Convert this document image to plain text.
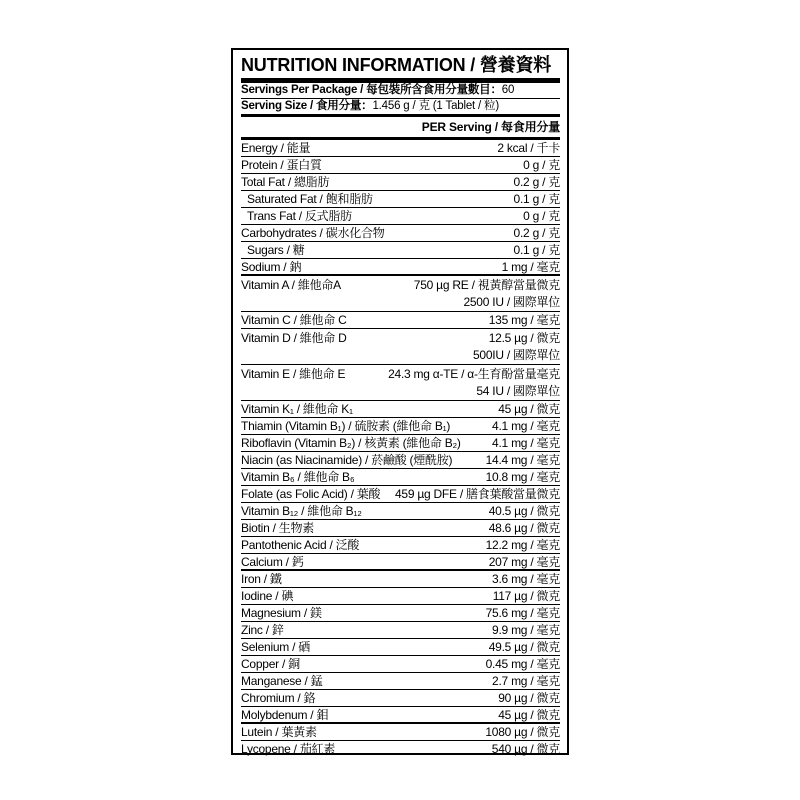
NUTRITION INFORMATION / 營養資料
Servings Per Package / 每包裝所含食用分量數目：60
Serving Size / 食用分量：1.456 g / 克 (1 Tablet / 粒)
PER Serving / 每食用分量
Energy / 能量	2 kcal / 千卡
Protein / 蛋白質	0 g / 克
Total Fat / 總脂肪	0.2 g / 克
Saturated Fat / 飽和脂肪	0.1 g / 克
Trans Fat / 反式脂肪	0 g / 克
Carbohydrates / 碳水化合物	0.2 g / 克
Sugars / 糖	0.1 g / 克
Sodium / 鈉	1 mg / 毫克
Vitamin A / 維他命A	750 µg RE / 視黃醇當量微克
2500 IU / 國際單位
Vitamin C / 維他命 C	135 mg / 毫克
Vitamin D / 維他命 D	12.5 µg / 微克
500IU / 國際單位
Vitamin E / 維他命 E	24.3 mg α-TE / α-生育酚當量毫克
54 IU / 國際單位
Vitamin K₁ / 維他命 K₁	45 µg / 微克
Thiamin (Vitamin B₁) / 硫胺素 (維他命 B₁)	4.1 mg / 毫克
Riboflavin (Vitamin B₂) / 核黃素 (維他命 B₂)	4.1 mg / 毫克
Niacin (as Niacinamide) / 菸鹼酸 (煙酰胺)	14.4 mg / 毫克
Vitamin B₆ / 維他命 B₆	10.8 mg / 毫克
Folate (as Folic Acid) / 葉酸 459 µg DFE / 膳食葉酸當量微克
Vitamin B₁₂ / 維他命 B₁₂	40.5 µg / 微克
Biotin / 生物素	48.6 µg / 微克
Pantothenic Acid / 泛酸	12.2 mg / 毫克
Calcium / 鈣	207 mg / 毫克
Iron / 鐵	3.6 mg / 毫克
Iodine / 碘	117 µg / 微克
Magnesium / 鎂	75.6 mg / 毫克
Zinc / 鋅	9.9 mg / 毫克
Selenium / 硒	49.5 µg / 微克
Copper / 銅	0.45 mg / 毫克
Manganese / 錳	2.7 mg / 毫克
Chromium / 鉻	90 µg / 微克
Molybdenum / 鉬	45 µg / 微克
Lutein / 葉黃素	1080 µg / 微克
Lycopene / 茄紅素	540 µg / 微克
